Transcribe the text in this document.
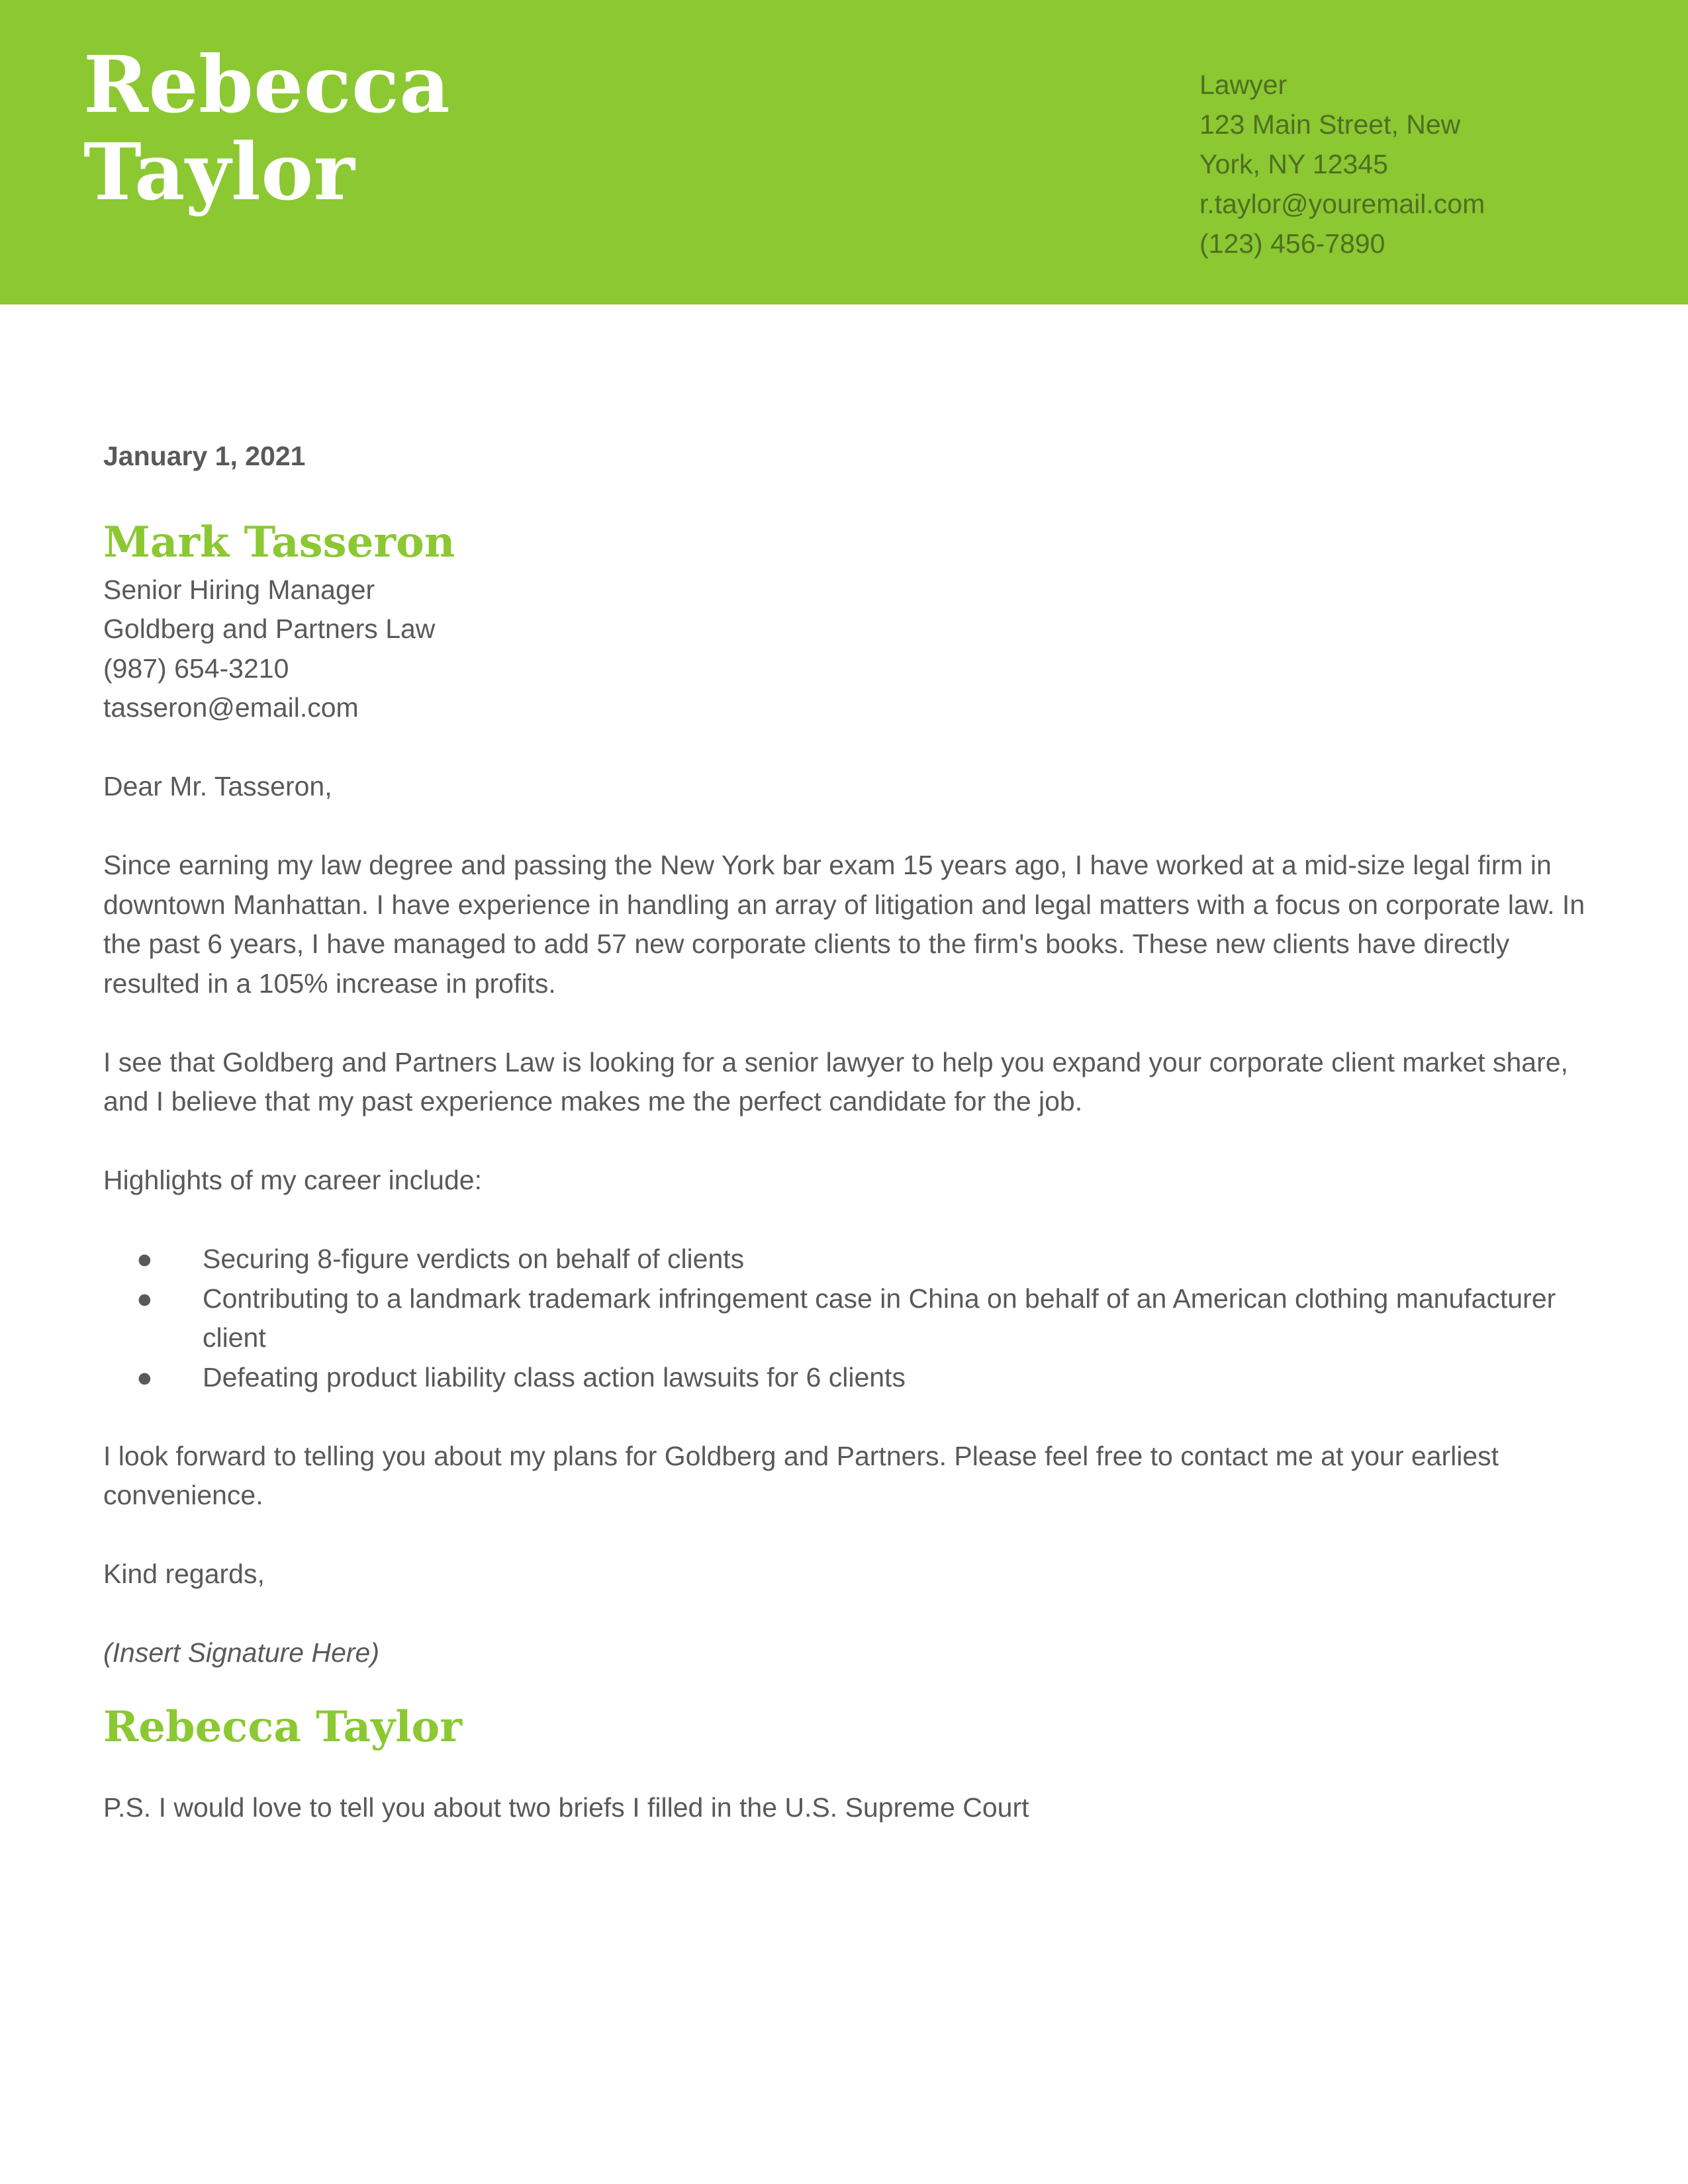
Rebecca
Taylor
Lawyer
123 Main Street, New
York, NY 12345
r.taylor@youremail.com
(123) 456-7890
January 1, 2021
Mark Tasseron
Senior Hiring Manager
Goldberg and Partners Law
(987) 654-3210
tasseron@email.com

Dear Mr. Tasseron,

Since earning my law degree and passing the New York bar exam 15 years ago, I have worked at a mid-size legal firm in downtown Manhattan. I have experience in handling an array of litigation and legal matters with a focus on corporate law. In the past 6 years, I have managed to add 57 new corporate clients to the firm's books. These new clients have directly resulted in a 105% increase in profits.

I see that Goldberg and Partners Law is looking for a senior lawyer to help you expand your corporate client market share, and I believe that my past experience makes me the perfect candidate for the job.

Highlights of my career include:

● Securing 8-figure verdicts on behalf of clients
● Contributing to a landmark trademark infringement case in China on behalf of an American clothing manufacturer client
● Defeating product liability class action lawsuits for 6 clients

I look forward to telling you about my plans for Goldberg and Partners. Please feel free to contact me at your earliest convenience.

Kind regards,

(Insert Signature Here)

Rebecca Taylor

P.S. I would love to tell you about two briefs I filled in the U.S. Supreme Court
